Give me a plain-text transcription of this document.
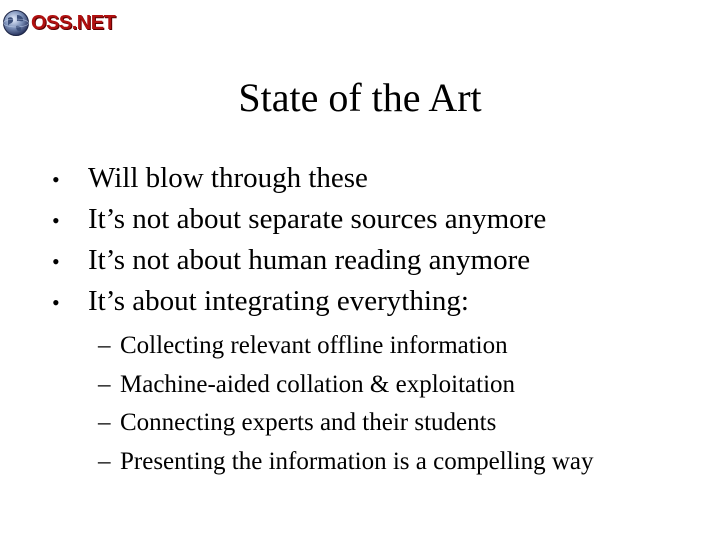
OSS.NET
State of the Art
• Will blow through these
• It’s not about separate sources anymore
• It’s not about human reading anymore
• It’s about integrating everything:
– Collecting relevant offline information
– Machine-aided collation & exploitation
– Connecting experts and their students
– Presenting the information is a compelling way
